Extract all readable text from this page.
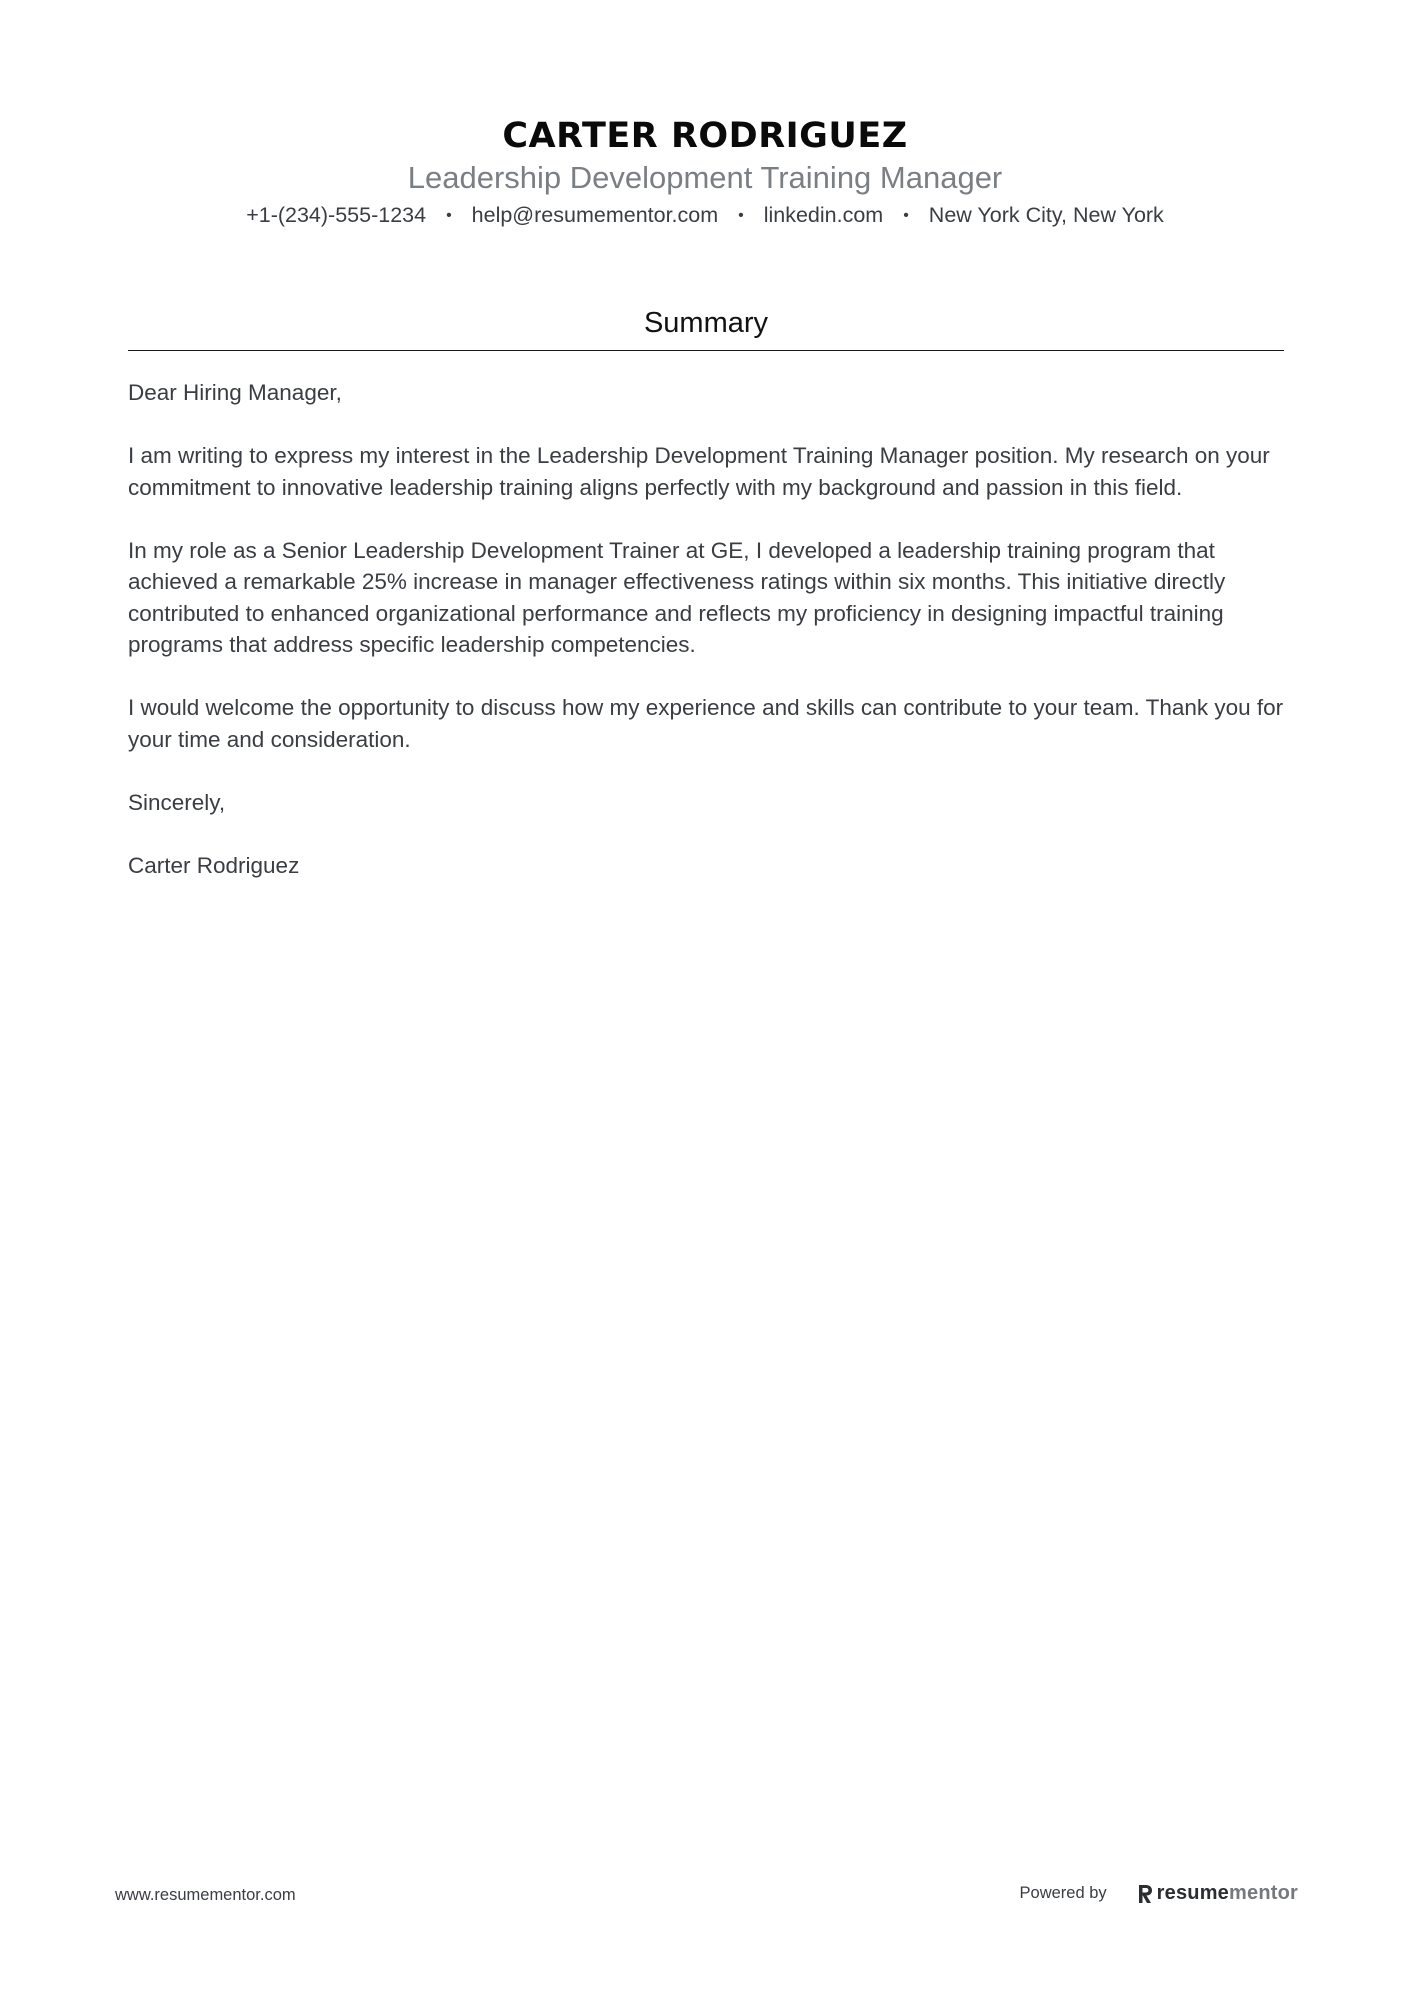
CARTER RODRIGUEZ
Leadership Development Training Manager
+1-(234)-555-1234 • help@resumementor.com • linkedin.com • New York City, New York
Summary

Dear Hiring Manager,

I am writing to express my interest in the Leadership Development Training Manager position. My research on your commitment to innovative leadership training aligns perfectly with my background and passion in this field.

In my role as a Senior Leadership Development Trainer at GE, I developed a leadership training program that achieved a remarkable 25% increase in manager effectiveness ratings within six months. This initiative directly contributed to enhanced organizational performance and reflects my proficiency in designing impactful training programs that address specific leadership competencies.

I would welcome the opportunity to discuss how my experience and skills can contribute to your team. Thank you for your time and consideration.

Sincerely,

Carter Rodriguez

www.resumementor.com	Powered by	resume mentor
